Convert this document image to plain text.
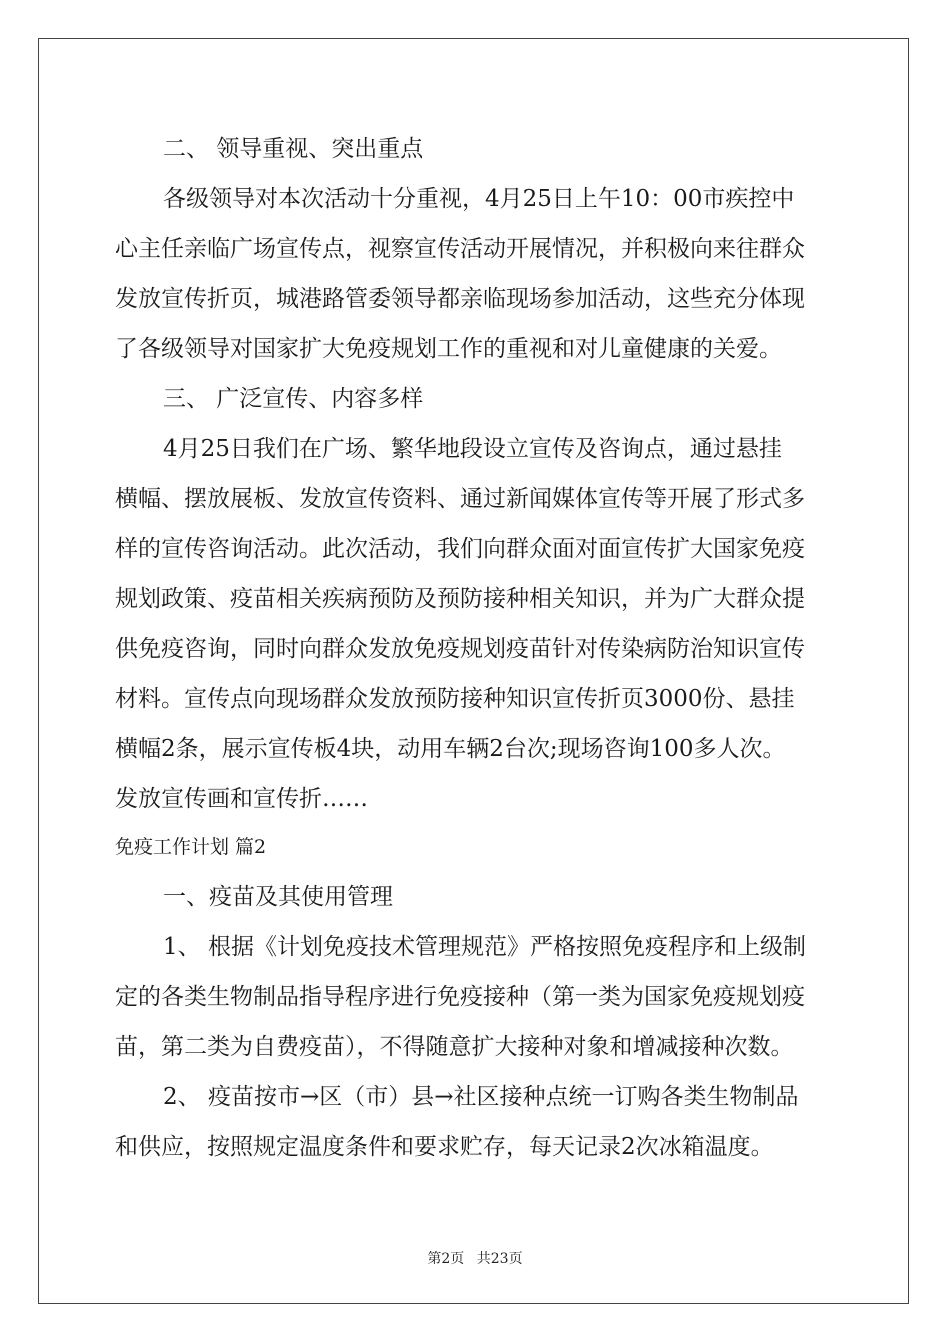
二、 领导重视、突出重点

各级领导对本次活动十分重视，4月25日上午10：00市疾控中

心主任亲临广场宣传点，视察宣传活动开展情况，并积极向来往群众

发放宣传折页，城港路管委领导都亲临现场参加活动，这些充分体现

了各级领导对国家扩大免疫规划工作的重视和对儿童健康的关爱。

三、 广泛宣传、内容多样

4月25日我们在广场、繁华地段设立宣传及咨询点，通过悬挂

横幅、摆放展板、发放宣传资料、通过新闻媒体宣传等开展了形式多

样的宣传咨询活动。此次活动，我们向群众面对面宣传扩大国家免疫

规划政策、疫苗相关疾病预防及预防接种相关知识，并为广大群众提

供免疫咨询，同时向群众发放免疫规划疫苗针对传染病防治知识宣传

材料。宣传点向现场群众发放预防接种知识宣传折页3000份、悬挂

横幅2条，展示宣传板4块，动用车辆2台次;现场咨询100多人次。

发放宣传画和宣传折……

免疫工作计划 篇2

一、疫苗及其使用管理

1、 根据《计划免疫技术管理规范》严格按照免疫程序和上级制

定的各类生物制品指导程序进行免疫接种（第一类为国家免疫规划疫

苗，第二类为自费疫苗），不得随意扩大接种对象和增减接种次数。

2、 疫苗按市→区（市）县→社区接种点统一订购各类生物制品

和供应，按照规定温度条件和要求贮存，每天记录2次冰箱温度。

第2页 共23页
